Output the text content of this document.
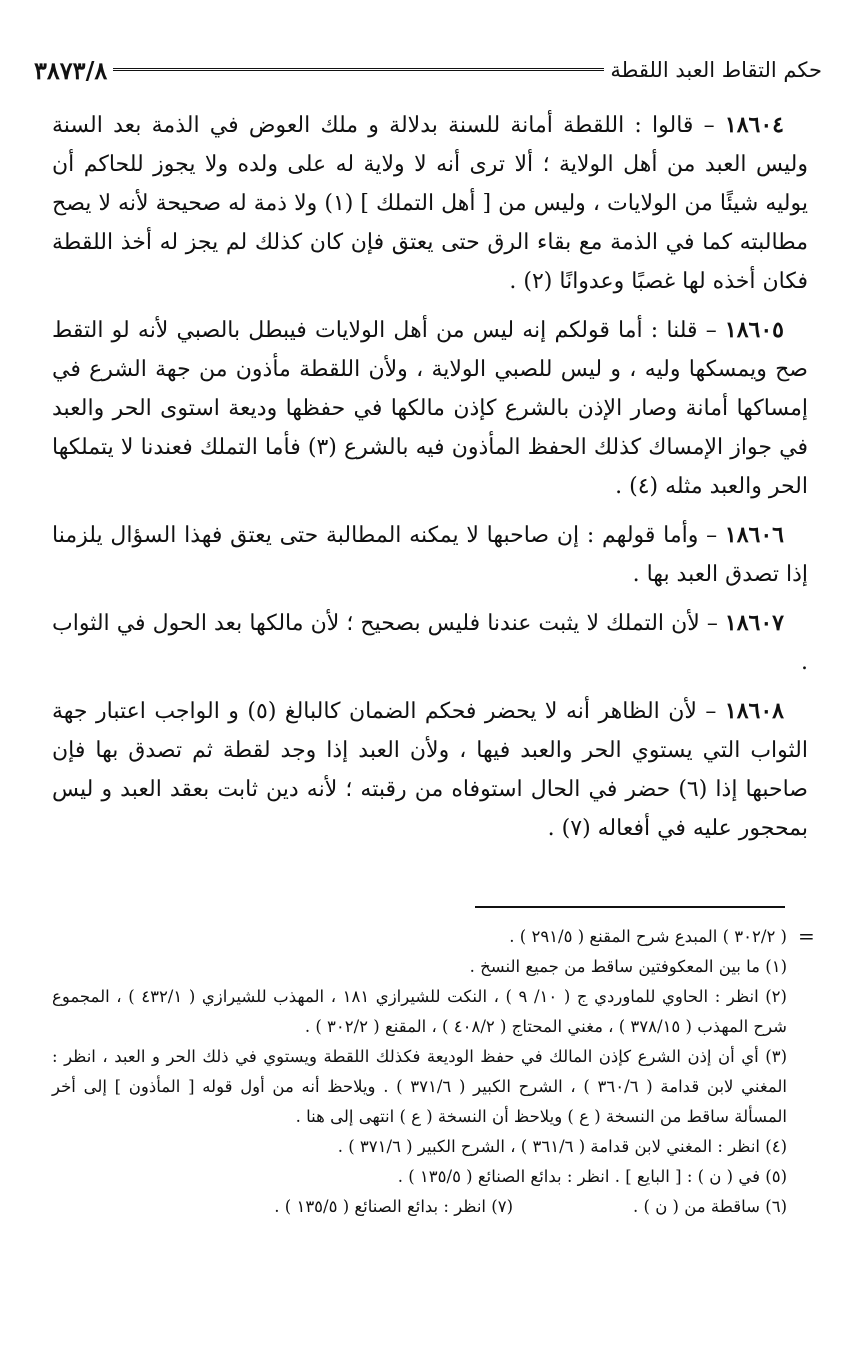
٣٨٧٣/٨	حكم التقاط العبد اللقطة

١٨٦٠٤ – قالوا : اللقطة أمانة للسنة بدلالة و ملك العوض في الذمة بعد السنة وليس العبد من أهل الولاية ؛ ألا ترى أنه لا ولاية له على ولده ولا يجوز للحاكم أن يوليه شيئًا من الولايات ، وليس من [ أهل التملك ] (١) ولا ذمة له صحيحة لأنه لا يصح مطالبته كما في الذمة مع بقاء الرق حتى يعتق فإن كان كذلك لم يجز له أخذ اللقطة فكان أخذه لها غصبًا وعدوانًا (٢) .

١٨٦٠٥ – قلنا : أما قولكم إنه ليس من أهل الولايات فيبطل بالصبي لأنه لو التقط صح ويمسكها وليه ، و ليس للصبي الولاية ، ولأن اللقطة مأذون من جهة الشرع في إمساكها أمانة وصار الإذن بالشرع كإذن مالكها في حفظها وديعة استوى الحر والعبد في جواز الإمساك كذلك الحفظ المأذون فيه بالشرع (٣) فأما التملك فعندنا لا يتملكها الحر والعبد مثله (٤) .

١٨٦٠٦ – وأما قولهم : إن صاحبها لا يمكنه المطالبة حتى يعتق فهذا السؤال يلزمنا إذا تصدق العبد بها .

١٨٦٠٧ – لأن التملك لا يثبت عندنا فليس بصحيح ؛ لأن مالكها بعد الحول في الثواب .

١٨٦٠٨ – لأن الظاهر أنه لا يحضر فحكم الضمان كالبالغ (٥) و الواجب اعتبار جهة الثواب التي يستوي الحر والعبد فيها ، ولأن العبد إذا وجد لقطة ثم تصدق بها فإن صاحبها إذا (٦) حضر في الحال استوفاه من رقبته ؛ لأنه دين ثابت بعقد العبد و ليس بمحجور عليه في أفعاله (٧) .

=

( ٣٠٢/٢ ) المبدع شرح المقنع ( ٢٩١/٥ ) .

(١) ما بين المعكوفتين ساقط من جميع النسخ .

(٢) انظر : الحاوي للماوردي ج ( ١٠/ ٩ ) ، النكت للشيرازي ١٨١ ، المهذب للشيرازي ( ٤٣٢/١ ) ، المجموع شرح المهذب ( ٣٧٨/١٥ ) ، مغني المحتاج ( ٤٠٨/٢ ) ، المقنع ( ٣٠٢/٢ ) .

(٣) أي أن إذن الشرع كإذن المالك في حفظ الوديعة فكذلك اللقطة ويستوي في ذلك الحر و العبد ، انظر : المغني لابن قدامة ( ٣٦٠/٦ ) ، الشرح الكبير ( ٣٧١/٦ ) . ويلاحظ أنه من أول قوله [ المأذون ] إلى أخر المسألة ساقط من النسخة ( ع ) ويلاحظ أن النسخة ( ع ) انتهى إلى هنا .

(٤) انظر : المغني لابن قدامة ( ٣٦١/٦ ) ، الشرح الكبير ( ٣٧١/٦ ) .

(٥) في ( ن ) : [ البايع ] . انظر : بدائع الصنائع ( ١٣٥/٥ ) .

(٦) ساقطة من ( ن ) .
(٧) انظر : بدائع الصنائع ( ١٣٥/٥ ) .
